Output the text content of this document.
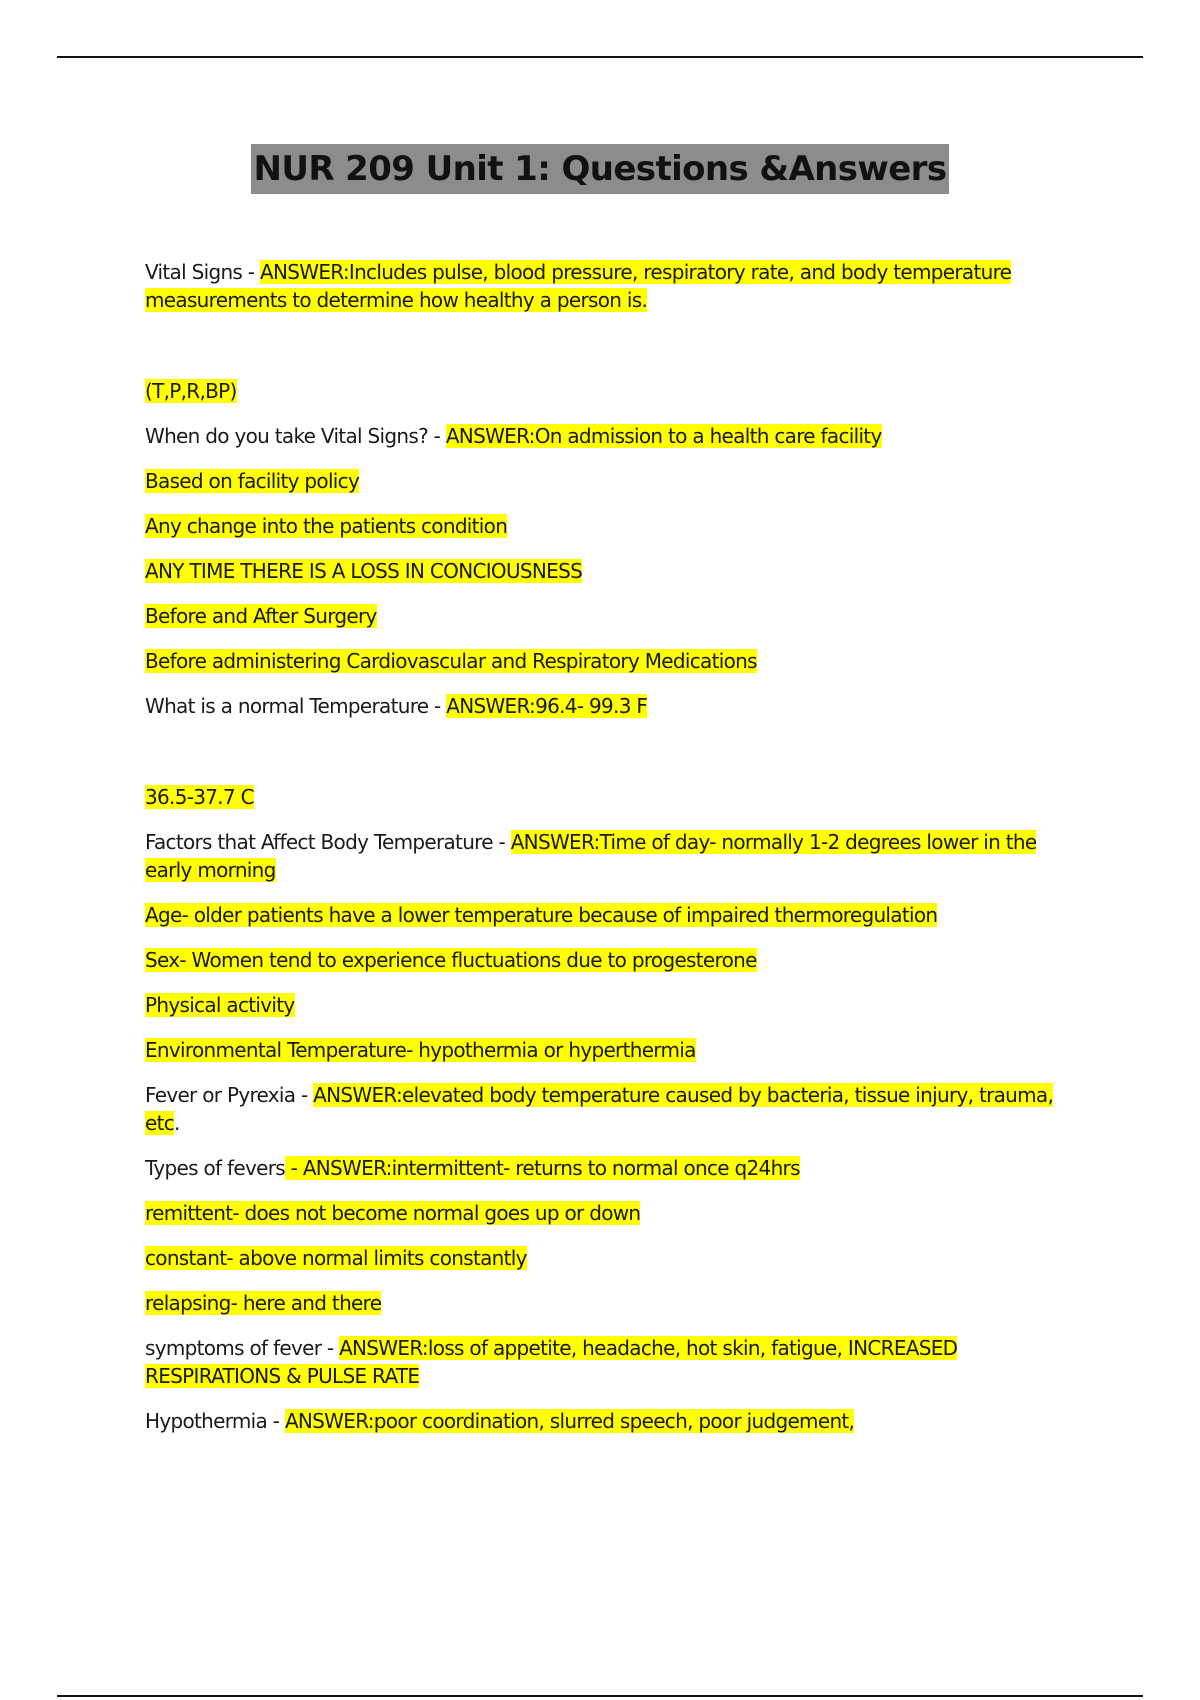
NUR 209 Unit 1: Questions &Answers

Vital Signs - ANSWER:Includes pulse, blood pressure, respiratory rate, and body temperature measurements to determine how healthy a person is.

(T,P,R,BP)

When do you take Vital Signs? - ANSWER:On admission to a health care facility

Based on facility policy

Any change into the patients condition

ANY TIME THERE IS A LOSS IN CONCIOUSNESS

Before and After Surgery

Before administering Cardiovascular and Respiratory Medications

What is a normal Temperature - ANSWER:96.4- 99.3 F

36.5-37.7 C

Factors that Affect Body Temperature - ANSWER:Time of day- normally 1-2 degrees lower in the early morning

Age- older patients have a lower temperature because of impaired thermoregulation

Sex- Women tend to experience fluctuations due to progesterone

Physical activity

Environmental Temperature- hypothermia or hyperthermia

Fever or Pyrexia - ANSWER:elevated body temperature caused by bacteria, tissue injury, trauma, etc.

Types of fevers - ANSWER:intermittent- returns to normal once q24hrs

remittent- does not become normal goes up or down

constant- above normal limits constantly

relapsing- here and there

symptoms of fever - ANSWER:loss of appetite, headache, hot skin, fatigue, INCREASED RESPIRATIONS & PULSE RATE

Hypothermia - ANSWER:poor coordination, slurred speech, poor judgement,
